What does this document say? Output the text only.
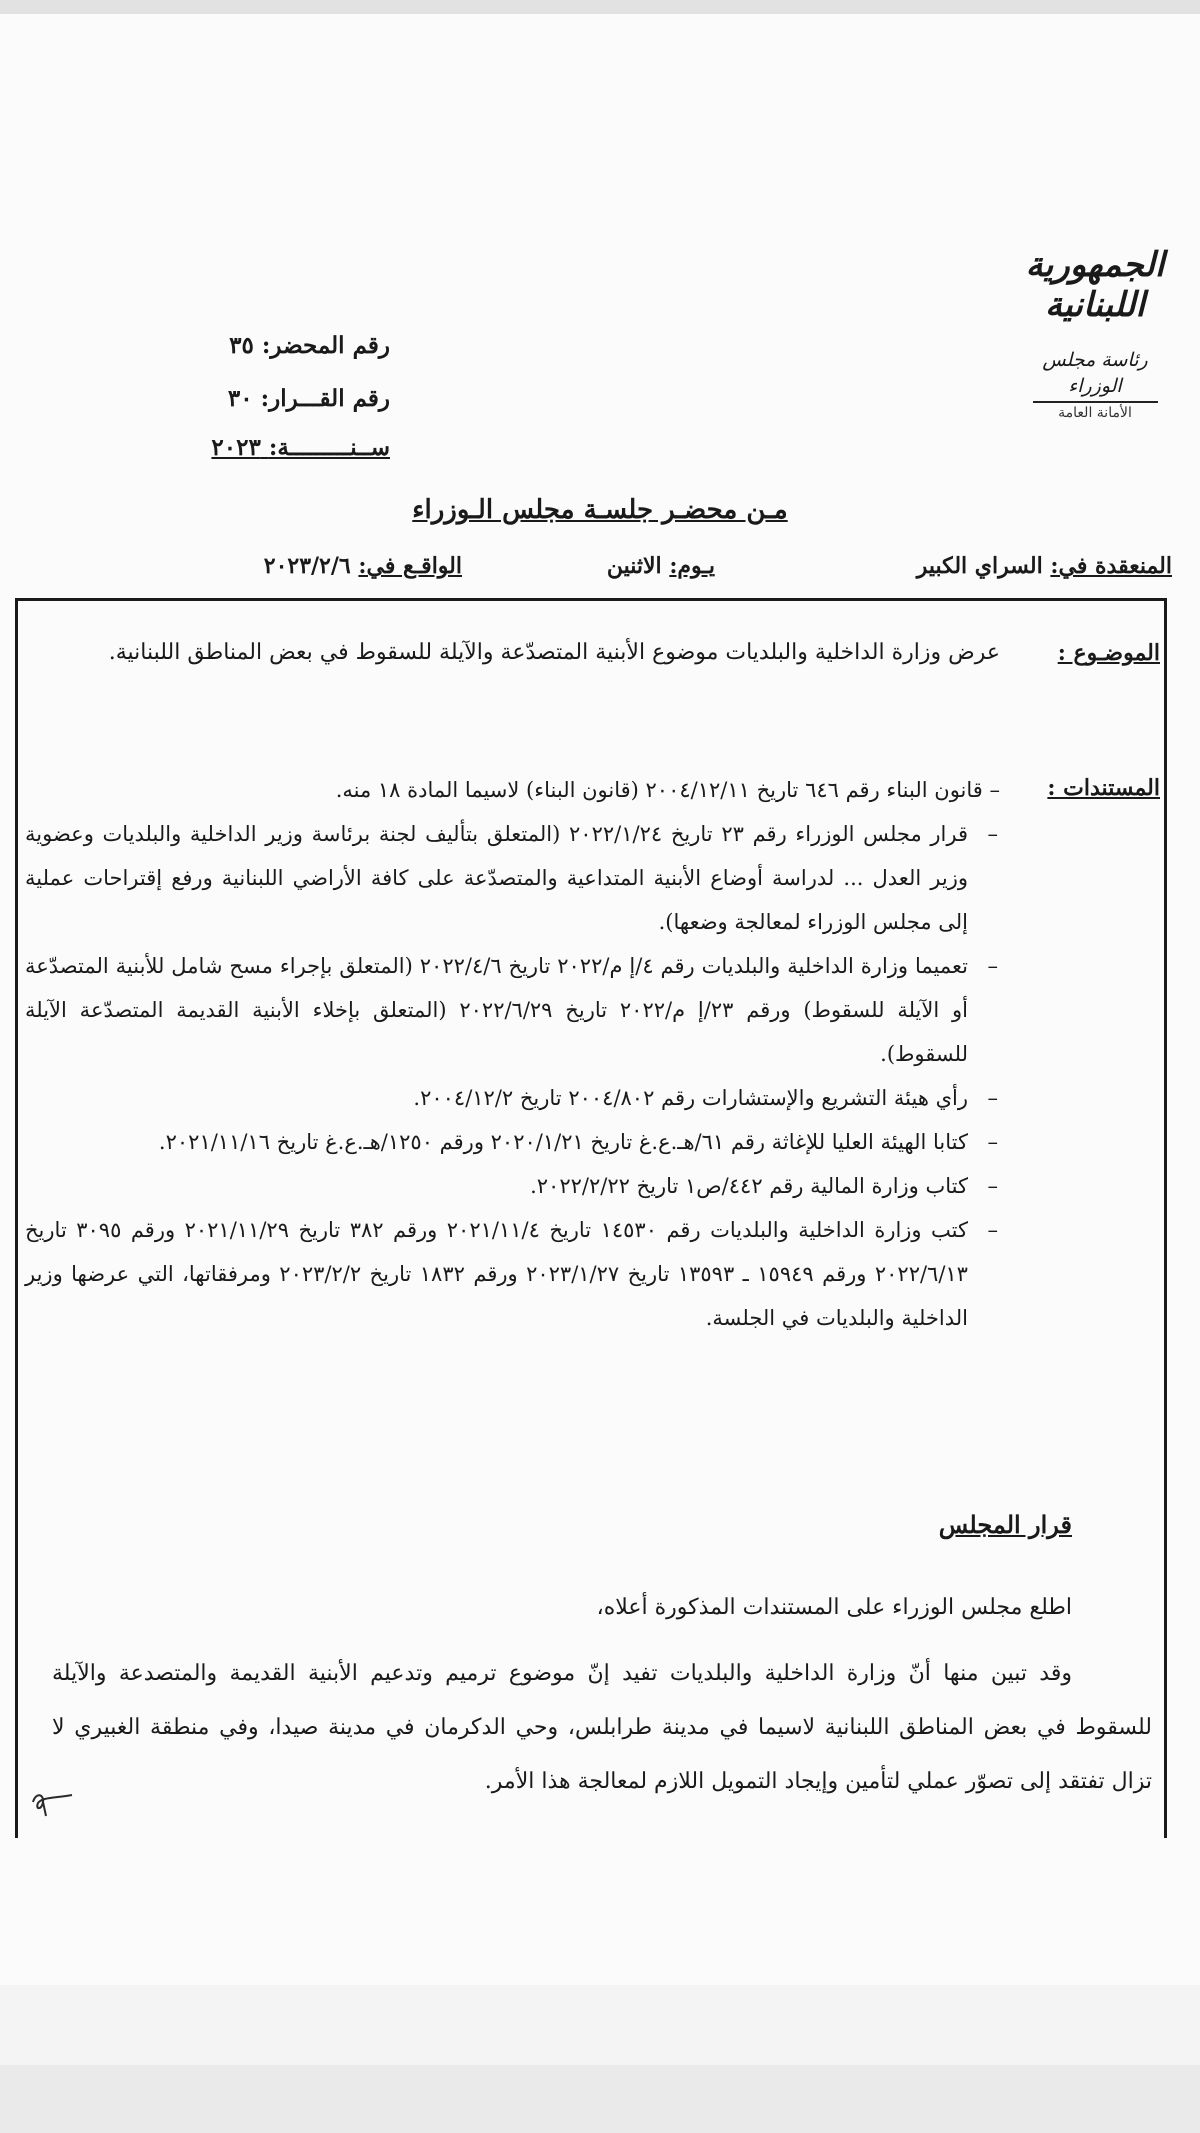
الجمهورية
اللبنانية
رئاسة مجلس الوزراء
الأمانة العامة
رقم المحضر: ٣٥
رقم القـــرار: ٣٠
ســنـــــــــة: ٢٠٢٣
مـن محضـر جلسـة مجلس الـوزراء
المنعقدة في: السراي الكبير
يـوم: الاثنين
الواقـع في: ٢٠٢٣/٢/٦
الموضـوع :
عرض وزارة الداخلية والبلديات موضوع الأبنية المتصدّعة والآيلة للسقوط في بعض المناطق اللبنانية.
المستندات :
– قانون البناء رقم ٦٤٦ تاريخ ٢٠٠٤/١٢/١١ (قانون البناء) لاسيما المادة ١٨ منه.
– قرار مجلس الوزراء رقم ٢٣ تاريخ ٢٠٢٢/١/٢٤ (المتعلق بتأليف لجنة برئاسة وزير الداخلية والبلديات وعضوية وزير العدل ... لدراسة أوضاع الأبنية المتداعية والمتصدّعة على كافة الأراضي اللبنانية ورفع إقتراحات عملية إلى مجلس الوزراء لمعالجة وضعها).
– تعميما وزارة الداخلية والبلديات رقم ٤/إ م/٢٠٢٢ تاريخ ٢٠٢٢/٤/٦ (المتعلق بإجراء مسح شامل للأبنية المتصدّعة أو الآيلة للسقوط) ورقم ٢٣/إ م/٢٠٢٢ تاريخ ٢٠٢٢/٦/٢٩ (المتعلق بإخلاء الأبنية القديمة المتصدّعة الآيلة للسقوط).
– رأي هيئة التشريع والإستشارات رقم ٢٠٠٤/٨٠٢ تاريخ ٢٠٠٤/١٢/٢.
– كتابا الهيئة العليا للإغاثة رقم ٦١/هـ.ع.غ تاريخ ٢٠٢٠/١/٢١ ورقم ١٢٥٠/هـ.ع.غ تاريخ ٢٠٢١/١١/١٦.
– كتاب وزارة المالية رقم ٤٤٢/ص١ تاريخ ٢٠٢٢/٢/٢٢.
– كتب وزارة الداخلية والبلديات رقم ١٤٥٣٠ تاريخ ٢٠٢١/١١/٤ ورقم ٣٨٢ تاريخ ٢٠٢١/١١/٢٩ ورقم ٣٠٩٥ تاريخ ٢٠٢٢/٦/١٣ ورقم ١٥٩٤٩ ـ ١٣٥٩٣ تاريخ ٢٠٢٣/١/٢٧ ورقم ١٨٣٢ تاريخ ٢٠٢٣/٢/٢ ومرفقاتها، التي عرضها وزير الداخلية والبلديات في الجلسة.
قرار المجلس
اطلع مجلس الوزراء على المستندات المذكورة أعلاه،
وقد تبين منها أنّ وزارة الداخلية والبلديات تفيد إنّ موضوع ترميم وتدعيم الأبنية القديمة والمتصدعة والآيلة للسقوط في بعض المناطق اللبنانية لاسيما في مدينة طرابلس، وحي الدكرمان في مدينة صيدا، وفي منطقة الغبيري لا تزال تفتقد إلى تصوّر عملي لتأمين وإيجاد التمويل اللازم لمعالجة هذا الأمر.
